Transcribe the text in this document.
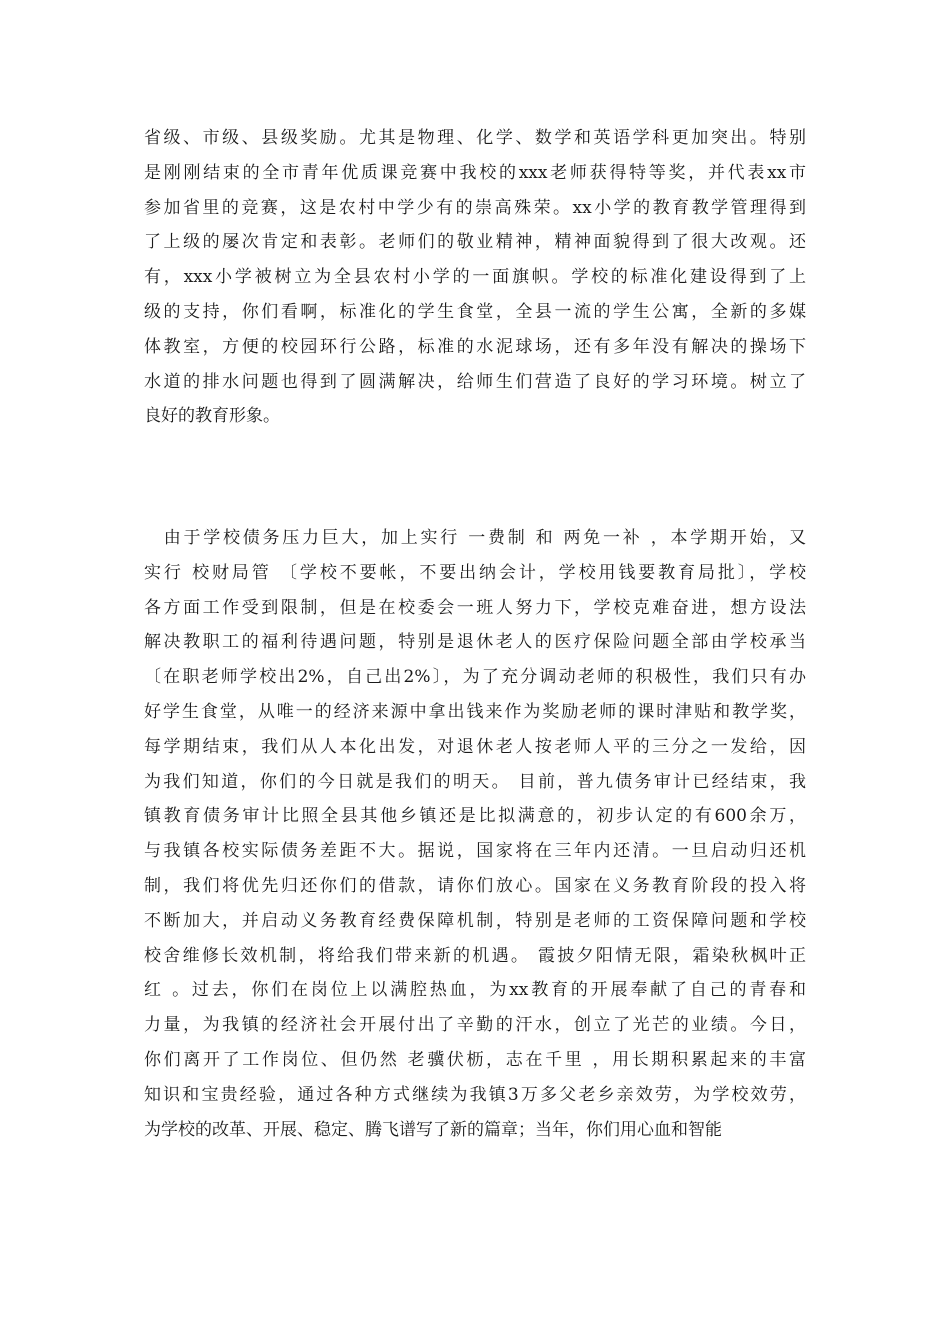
省级、市级、县级奖励。尤其是物理、化学、数学和英语学科更加突出。特别
是刚刚结束的全市青年优质课竞赛中我校的xxx老师获得特等奖，并代表xx市
参加省里的竞赛，这是农村中学少有的崇高殊荣。xx小学的教育教学管理得到
了上级的屡次肯定和表彰。老师们的敬业精神，精神面貌得到了很大改观。还
有，xxx小学被树立为全县农村小学的一面旗帜。学校的标准化建设得到了上
级的支持，你们看啊，标准化的学生食堂，全县一流的学生公寓，全新的多媒
体教室，方便的校园环行公路，标准的水泥球场，还有多年没有解决的操场下
水道的排水问题也得到了圆满解决，给师生们营造了良好的学习环境。树立了
良好的教育形象。

　由于学校债务压力巨大，加上实行 一费制 和 两免一补 ，本学期开始，又
实行 校财局管 〔学校不要帐，不要出纳会计，学校用钱要教育局批〕，学校
各方面工作受到限制，但是在校委会一班人努力下，学校克难奋进，想方设法
解决教职工的福利待遇问题，特别是退休老人的医疗保险问题全部由学校承当
〔在职老师学校出2%，自己出2%〕，为了充分调动老师的积极性，我们只有办
好学生食堂，从唯一的经济来源中拿出钱来作为奖励老师的课时津贴和教学奖，
每学期结束，我们从人本化出发，对退休老人按老师人平的三分之一发给，因
为我们知道，你们的今日就是我们的明天。 目前，普九债务审计已经结束，我
镇教育债务审计比照全县其他乡镇还是比拟满意的，初步认定的有600余万，
与我镇各校实际债务差距不大。据说，国家将在三年内还清。一旦启动归还机
制，我们将优先归还你们的借款，请你们放心。国家在义务教育阶段的投入将
不断加大，并启动义务教育经费保障机制，特别是老师的工资保障问题和学校
校舍维修长效机制，将给我们带来新的机遇。 霞披夕阳情无限，霜染秋枫叶正
红 。过去，你们在岗位上以满腔热血，为xx教育的开展奉献了自己的青春和
力量，为我镇的经济社会开展付出了辛勤的汗水，创立了光芒的业绩。今日，
你们离开了工作岗位、但仍然 老骥伏枥，志在千里 ，用长期积累起来的丰富
知识和宝贵经验，通过各种方式继续为我镇3万多父老乡亲效劳，为学校效劳，
为学校的改革、开展、稳定、腾飞谱写了新的篇章；当年，你们用心血和智能
